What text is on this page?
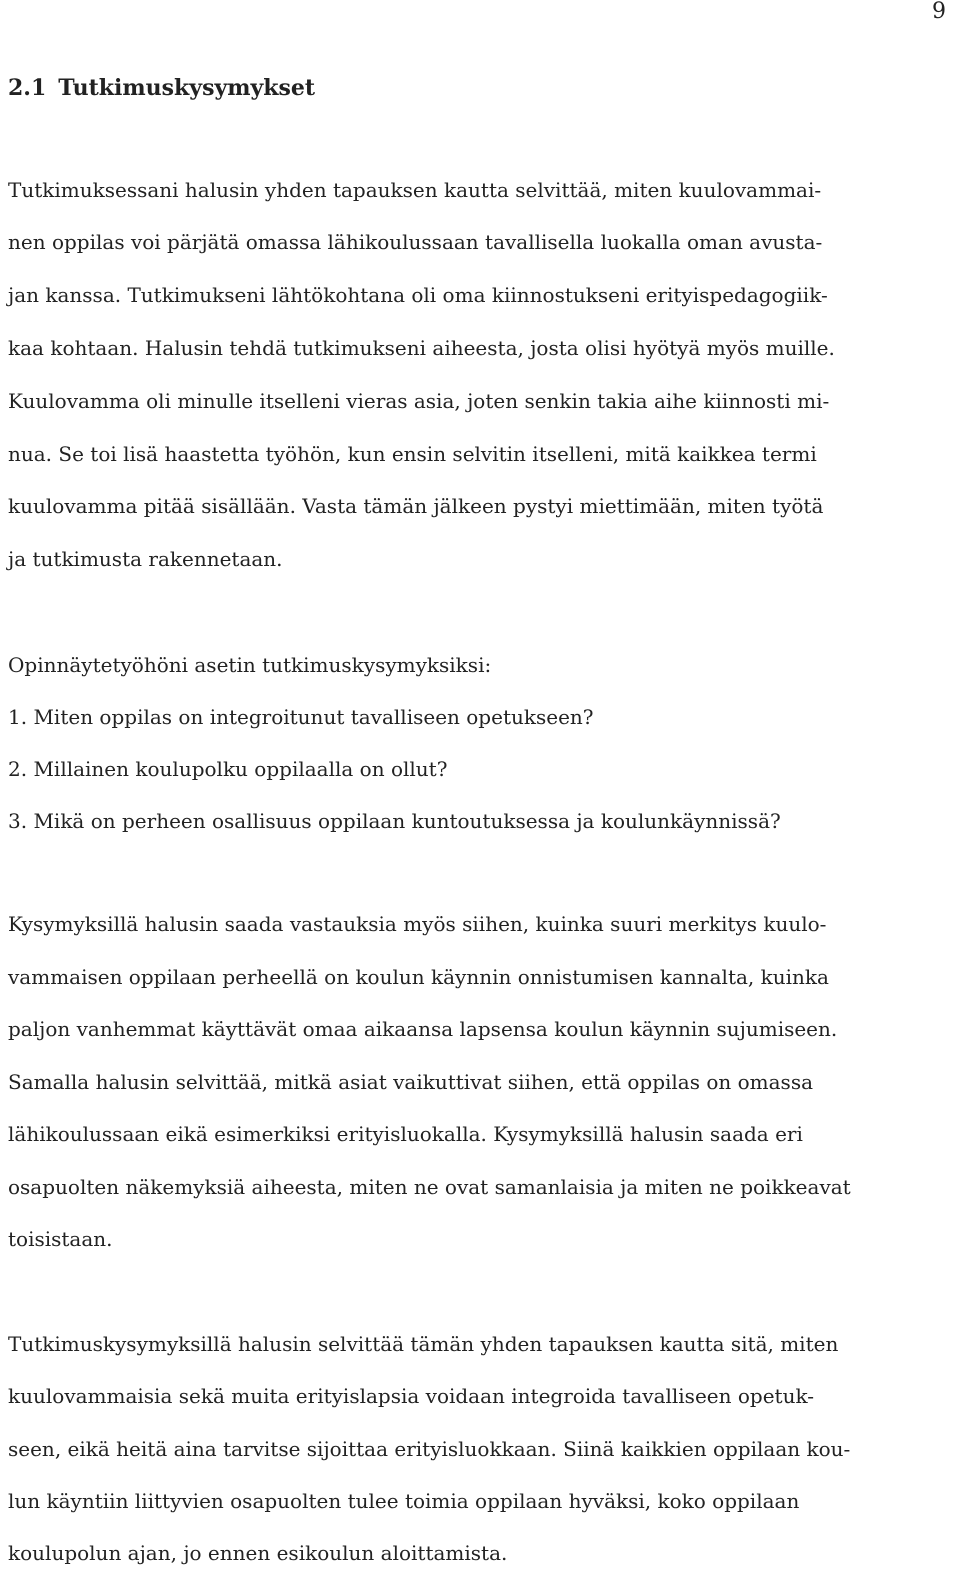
9
2.1 Tutkimuskysymykset
Tutkimuksessani halusin yhden tapauksen kautta selvittää, miten kuulovammai-
nen oppilas voi pärjätä omassa lähikoulussaan tavallisella luokalla oman avusta-
jan kanssa. Tutkimukseni lähtökohtana oli oma kiinnostukseni erityispedagogiik-
kaa kohtaan. Halusin tehdä tutkimukseni aiheesta, josta olisi hyötyä myös muille.
Kuulovamma oli minulle itselleni vieras asia, joten senkin takia aihe kiinnosti mi-
nua. Se toi lisä haastetta työhön, kun ensin selvitin itselleni, mitä kaikkea termi
kuulovamma pitää sisällään. Vasta tämän jälkeen pystyi miettimään, miten työtä
ja tutkimusta rakennetaan.
Opinnäytetyöhöni asetin tutkimuskysymyksiksi:
1. Miten oppilas on integroitunut tavalliseen opetukseen?
2. Millainen koulupolku oppilaalla on ollut?
3. Mikä on perheen osallisuus oppilaan kuntoutuksessa ja koulunkäynnissä?
Kysymyksillä halusin saada vastauksia myös siihen, kuinka suuri merkitys kuulo-
vammaisen oppilaan perheellä on koulun käynnin onnistumisen kannalta, kuinka
paljon vanhemmat käyttävät omaa aikaansa lapsensa koulun käynnin sujumiseen.
Samalla halusin selvittää, mitkä asiat vaikuttivat siihen, että oppilas on omassa
lähikoulussaan eikä esimerkiksi erityisluokalla. Kysymyksillä halusin saada eri
osapuolten näkemyksiä aiheesta, miten ne ovat samanlaisia ja miten ne poikkeavat
toisistaan.
Tutkimuskysymyksillä halusin selvittää tämän yhden tapauksen kautta sitä, miten
kuulovammaisia sekä muita erityislapsia voidaan integroida tavalliseen opetuk-
seen, eikä heitä aina tarvitse sijoittaa erityisluokkaan. Siinä kaikkien oppilaan kou-
lun käyntiin liittyvien osapuolten tulee toimia oppilaan hyväksi, koko oppilaan
koulupolun ajan, jo ennen esikoulun aloittamista.
